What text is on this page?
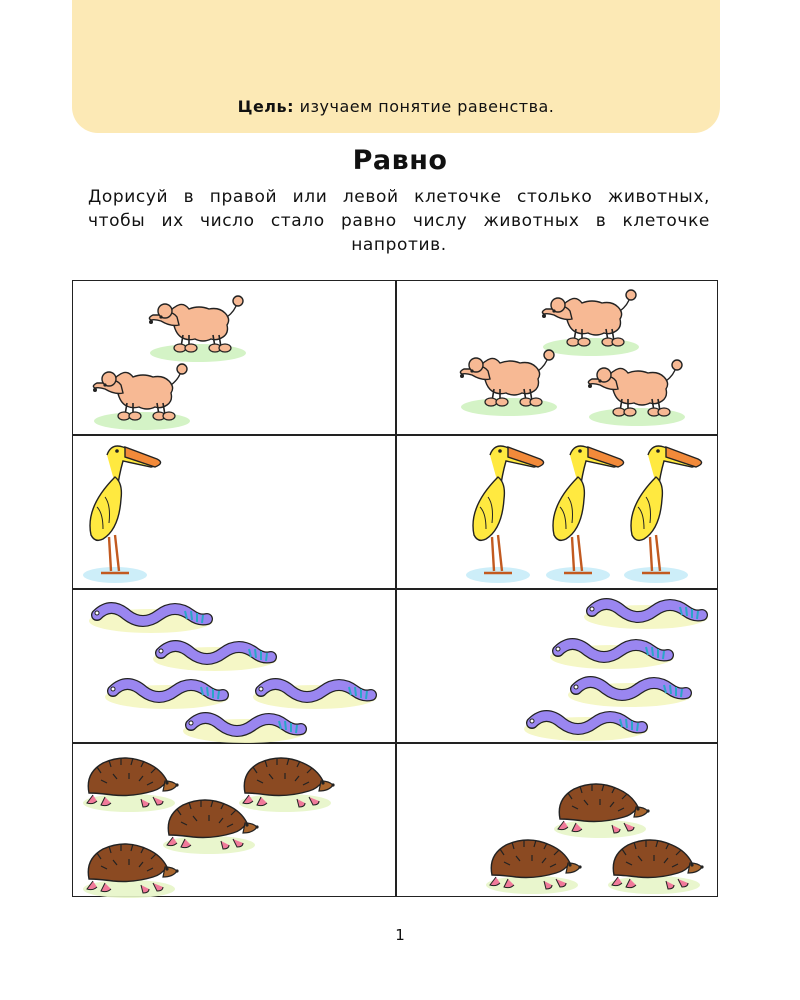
Цель: изучаем понятие равенства.
Равно
Дорисуй в правой или левой клеточке столько животных,
чтобы их число стало равно числу животных в клеточке
напротив.
1
